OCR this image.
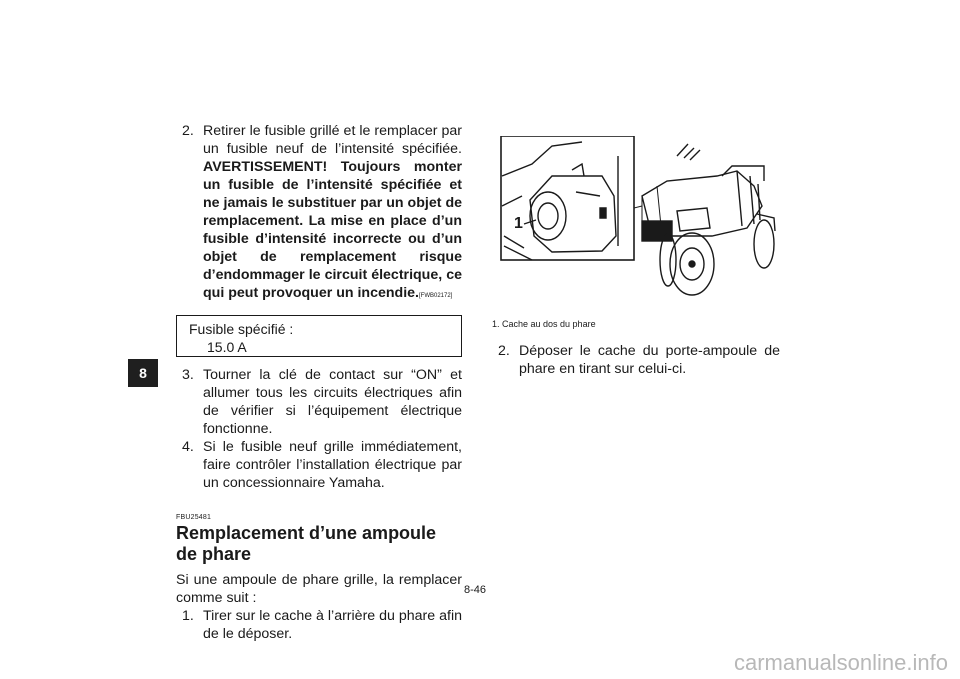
8

2. Retirer le fusible grillé et le remplacer par un fusible neuf de l’intensité spécifiée. AVERTISSEMENT! Toujours monter un fusible de l’intensité spécifiée et ne jamais le substituer par un objet de remplacement. La mise en place d’un fusible d’intensité incorrecte ou d’un objet de remplacement risque d’endommager le circuit électrique, ce qui peut provoquer un incendie.[FWB02172]

Fusible spécifié :
15.0 A

3. Tourner la clé de contact sur “ON” et allumer tous les circuits électriques afin de vérifier si l’équipement électrique fonctionne.

4. Si le fusible neuf grille immédiatement, faire contrôler l’installation électrique par un concessionnaire Yamaha.

FBU25481
Remplacement d’une ampoule de phare

Si une ampoule de phare grille, la remplacer comme suit :

1. Tirer sur le cache à l’arrière du phare afin de le déposer.

1
1. Cache au dos du phare

2. Déposer le cache du porte-ampoule de phare en tirant sur celui-ci.

8-46
carmanualsonline.info
